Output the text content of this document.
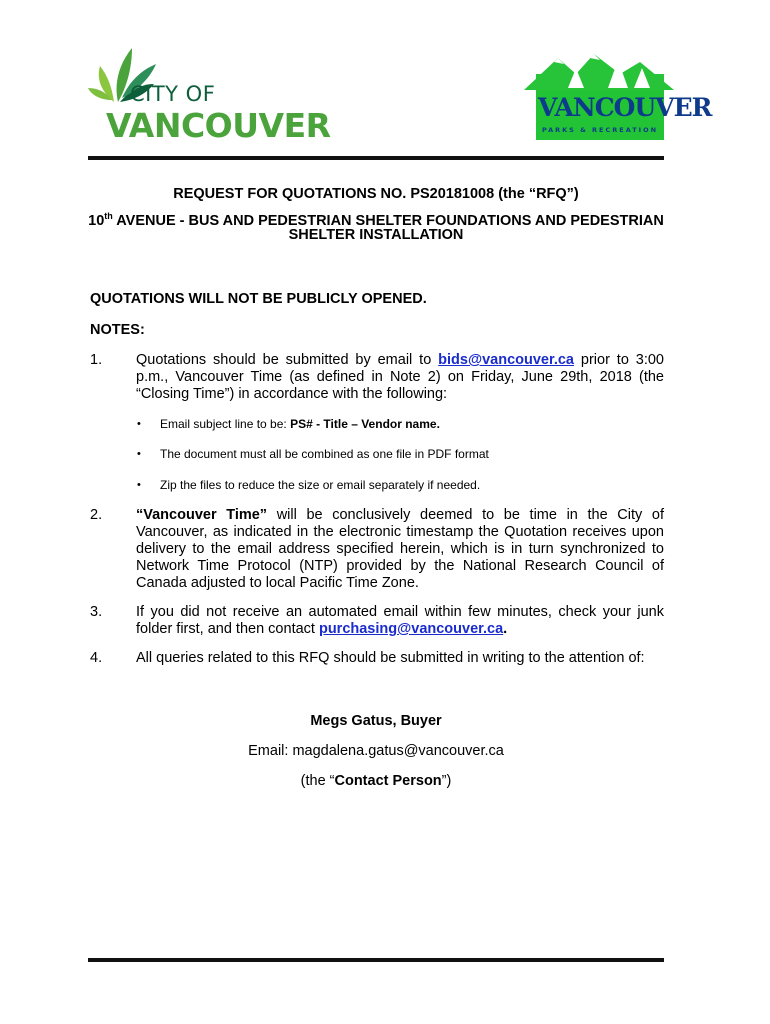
CITY OF
VANCOUVER	VANCOUVER
PARKS & RECREATION
REQUEST FOR QUOTATIONS NO. PS20181008 (the “RFQ”)
10th AVENUE - BUS AND PEDESTRIAN SHELTER FOUNDATIONS AND PEDESTRIAN
SHELTER INSTALLATION
QUOTATIONS WILL NOT BE PUBLICLY OPENED.
NOTES:
1. Quotations should be submitted by email to bids@vancouver.ca prior to 3:00 p.m., Vancouver Time (as defined in Note 2) on Friday, June 29th, 2018 (the “Closing Time”) in accordance with the following:
• Email subject line to be: PS# - Title – Vendor name.
• The document must all be combined as one file in PDF format
• Zip the files to reduce the size or email separately if needed.
2. “Vancouver Time” will be conclusively deemed to be time in the City of Vancouver, as indicated in the electronic timestamp the Quotation receives upon delivery to the email address specified herein, which is in turn synchronized to Network Time Protocol (NTP) provided by the National Research Council of Canada adjusted to local Pacific Time Zone.
3. If you did not receive an automated email within few minutes, check your junk folder first, and then contact purchasing@vancouver.ca.
4. All queries related to this RFQ should be submitted in writing to the attention of:
Megs Gatus, Buyer
Email: magdalena.gatus@vancouver.ca
(the “Contact Person”)
